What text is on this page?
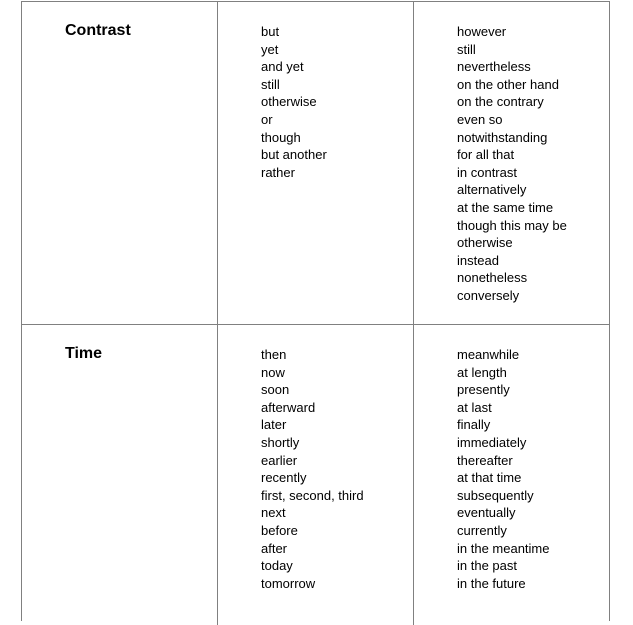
Contrast	but
yet
and yet
still
otherwise
or
though
but another
rather
however
still
nevertheless
on the other hand
on the contrary
even so
notwithstanding
for all that
in contrast
alternatively
at the same time
though this may be
otherwise
instead
nonetheless
conversely
Time	then
now
soon
afterward
later
shortly
earlier
recently
first, second, third
next
before
after
today
tomorrow
meanwhile
at length
presently
at last
finally
immediately
thereafter
at that time
subsequently
eventually
currently
in the meantime
in the past
in the future
